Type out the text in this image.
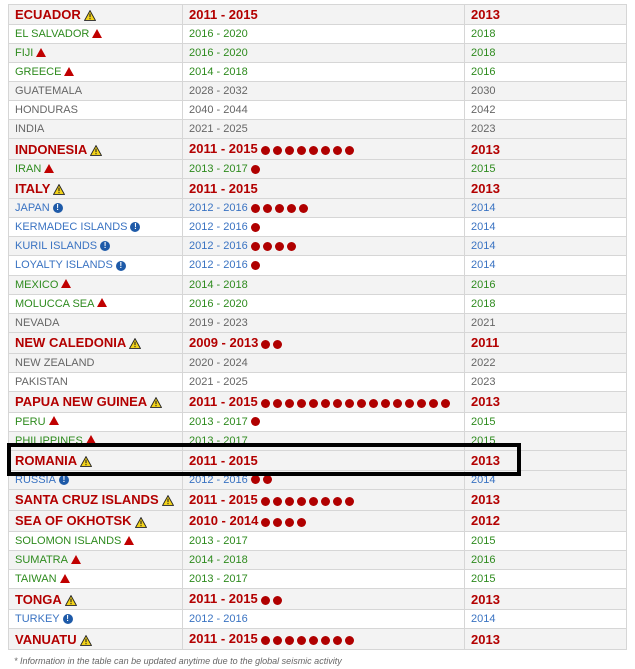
ECUADOR	2011 - 2015	2013
EL SALVADOR	2016 - 2020	2018
FIJI	2016 - 2020	2018
GREECE	2014 - 2018	2016
GUATEMALA	2028 - 2032	2030
HONDURAS	2040 - 2044	2042
INDIA	2021 - 2025	2023
INDONESIA	2011 - 2015	2013
IRAN	2013 - 2017	2015
ITALY	2011 - 2015	2013
JAPAN !	2012 - 2016	2014
KERMADEC ISLANDS !	2012 - 2016	2014
KURIL ISLANDS !	2012 - 2016	2014
LOYALTY ISLANDS !	2012 - 2016	2014
MEXICO	2014 - 2018	2016
MOLUCCA SEA	2016 - 2020	2018
NEVADA	2019 - 2023	2021
NEW CALEDONIA	2009 - 2013	2011
NEW ZEALAND	2020 - 2024	2022
PAKISTAN	2021 - 2025	2023
PAPUA NEW GUINEA	2011 - 2015	2013
PERU	2013 - 2017	2015
PHILIPPINES	2013 - 2017	2015
ROMANIA	2011 - 2015	2013
RUSSIA !	2012 - 2016	2014
SANTA CRUZ ISLANDS	2011 - 2015	2013
SEA OF OKHOTSK	2010 - 2014	2012
SOLOMON ISLANDS	2013 - 2017	2015
SUMATRA	2014 - 2018	2016
TAIWAN	2013 - 2017	2015
TONGA	2011 - 2015	2013
TURKEY !	2012 - 2016	2014
VANUATU	2011 - 2015	2013
* Information in the table can be updated anytime due to the global seismic activity
